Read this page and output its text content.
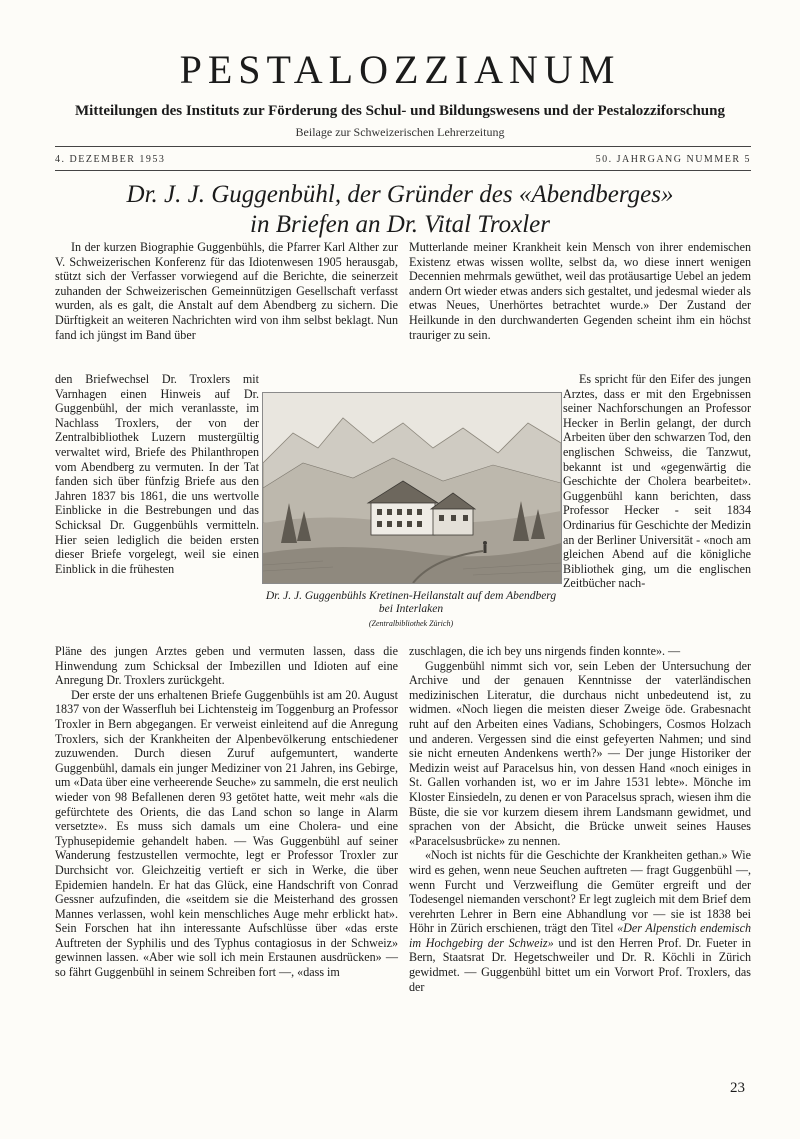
PESTALOZZIANUM
Mitteilungen des Instituts zur Förderung des Schul- und Bildungswesens und der Pestalozziforschung
Beilage zur Schweizerischen Lehrerzeitung
4. DEZEMBER 1953	50. JAHRGANG NUMMER 5
Dr. J. J. Guggenbühl, der Gründer des «Abendberges»
in Briefen an Dr. Vital Troxler

In der kurzen Biographie Guggenbühls, die Pfarrer Karl Alther zur V. Schweizerischen Konferenz für das Idiotenwesen 1905 herausgab, stützt sich der Verfasser vorwiegend auf die Berichte, die seinerzeit zuhanden der Schweizerischen Gemeinnützigen Gesellschaft verfasst wurden, als es galt, die Anstalt auf dem Abendberg zu sichern. Die Dürftigkeit an weiteren Nachrichten wird von ihm selbst beklagt. Nun fand ich jüngst im Band über

den Briefwechsel Dr. Troxlers mit Varnhagen einen Hinweis auf Dr. Guggenbühl, der mich veranlasste, im Nachlass Troxlers, der von der Zentralbibliothek Luzern mustergültig verwaltet wird, Briefe des Philanthropen vom Abendberg zu vermuten. In der Tat fanden sich über fünfzig Briefe aus den Jahren 1837 bis 1861, die uns wertvolle Einblicke in die Bestrebungen und das Schicksal Dr. Guggenbühls vermitteln. Hier seien lediglich die beiden ersten dieser Briefe vorgelegt, weil sie einen Einblick in die frühesten

Pläne des jungen Arztes geben und vermuten lassen, dass die Hinwendung zum Schicksal der Imbezillen und Idioten auf eine Anregung Dr. Troxlers zurückgeht.

Der erste der uns erhaltenen Briefe Guggenbühls ist am 20. August 1837 von der Wasserfluh bei Lichtensteig im Toggenburg an Professor Troxler in Bern abgegangen. Er verweist einleitend auf die Anregung Troxlers, sich der Krankheiten der Alpenbevölkerung entschiedener zuzuwenden. Durch diesen Zuruf aufgemuntert, wanderte Guggenbühl, damals ein junger Mediziner von 21 Jahren, ins Gebirge, um «Data über eine verheerende Seuche» zu sammeln, die erst neulich wieder von 98 Befallenen deren 93 getötet hatte, weit mehr «als die gefürchtete des Orients, die das Land schon so lange in Alarm versetzte». Es muss sich damals um eine Cholera- und eine Typhusepidemie gehandelt haben. — Was Guggenbühl auf seiner Wanderung festzustellen vermochte, legt er Professor Troxler zur Durchsicht vor. Gleichzeitig vertieft er sich in Werke, die über Epidemien handeln. Er hat das Glück, eine Handschrift von Conrad Gessner aufzufinden, die «seitdem sie die Meisterhand des grossen Mannes verlassen, wohl kein menschliches Auge mehr erblickt hat». Sein Forschen hat ihn interessante Aufschlüsse über «das erste Auftreten der Syphilis und des Typhus contagiosus in der Schweiz» gewinnen lassen. «Aber wie soll ich mein Erstaunen ausdrücken» — so fährt Guggenbühl in seinem Schreiben fort —, «dass im

Mutterlande meiner Krankheit kein Mensch von ihrer endemischen Existenz etwas wissen wollte, selbst da, wo diese innert wenigen Decennien mehrmals gewüthet, weil das protäusartige Uebel an jedem andern Ort wieder etwas anders sich gestaltet, und jedesmal wieder als etwas Neues, Unerhörtes betrachtet wurde.» Der Zustand der Heilkunde in den durchwanderten Gegenden scheint ihm ein höchst trauriger zu sein.

Es spricht für den Eifer des jungen Arztes, dass er mit den Ergebnissen seiner Nachforschungen an Professor Hecker in Berlin gelangt, der durch Arbeiten über den schwarzen Tod, den englischen Schweiss, die Tanzwut, bekannt ist und «gegenwärtig die Geschichte der Cholera bearbeitet». Guggenbühl kann berichten, dass Professor Hecker - seit 1834 Ordinarius für Geschichte der Medizin an der Berliner Universität - «noch am gleichen Abend auf die königliche Bibliothek ging, um die englischen Zeitbücher nach-

zuschlagen, die ich bey uns nirgends finden konnte». —

Guggenbühl nimmt sich vor, sein Leben der Untersuchung der Archive und der genauen Kenntnisse der vaterländischen medizinischen Literatur, die durchaus nicht unbedeutend ist, zu widmen. «Noch liegen die meisten dieser Zweige öde. Grabesnacht ruht auf den Arbeiten eines Vadians, Schobingers, Cosmos Holzach und anderen. Vergessen sind die einst gefeyerten Nahmen; und sind sie nicht erneuten Andenkens werth?» — Der junge Historiker der Medizin weist auf Paracelsus hin, von dessen Hand «noch einiges in St. Gallen vorhanden ist, wo er im Jahre 1531 lebte». Mönche im Kloster Einsiedeln, zu denen er von Paracelsus sprach, wiesen ihm die Büste, die sie vor kurzem diesem ihrem Landsmann gewidmet, und sprachen von der Absicht, die Brücke unweit seines Hauses «Paracelsusbrücke» zu nennen.

«Noch ist nichts für die Geschichte der Krankheiten gethan.» Wie wird es gehen, wenn neue Seuchen auftreten — fragt Guggenbühl —, wenn Furcht und Verzweiflung die Gemüter ergreift und der Todesengel niemanden verschont? Er legt zugleich mit dem Brief dem verehrten Lehrer in Bern eine Abhandlung vor — sie ist 1838 bei Höhr in Zürich erschienen, trägt den Titel «Der Alpenstich endemisch im Hochgebirg der Schweiz» und ist den Herren Prof. Dr. Fueter in Bern, Staatsrat Dr. Hegetschweiler und Dr. R. Köchli in Zürich gewidmet. — Guggenbühl bittet um ein Vorwort Prof. Troxlers, das der

Dr. J. J. Guggenbühls Kretinen-Heilanstalt auf dem Abendberg
bei Interlaken
(Zentralbibliothek Zürich)
23
